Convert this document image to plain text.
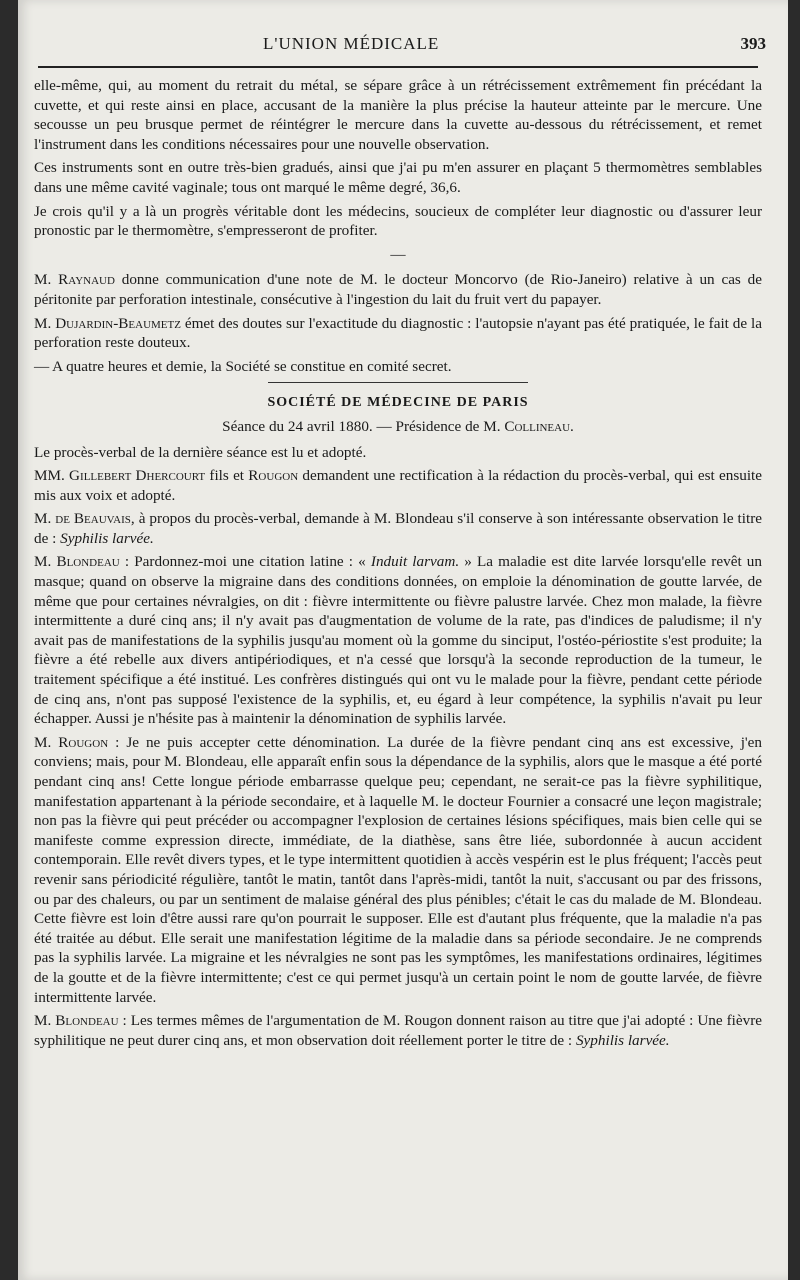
L'UNION MÉDICALE	393

elle-même, qui, au moment du retrait du métal, se sépare grâce à un rétrécissement extrêmement fin précédant la cuvette, et qui reste ainsi en place, accusant de la manière la plus précise la hauteur atteinte par le mercure. Une secousse un peu brusque permet de réintégrer le mercure dans la cuvette au-dessous du rétrécissement, et remet l'instrument dans les conditions nécessaires pour une nouvelle observation.

Ces instruments sont en outre très-bien gradués, ainsi que j'ai pu m'en assurer en plaçant 5 thermomètres semblables dans une même cavité vaginale; tous ont marqué le même degré, 36,6.

Je crois qu'il y a là un progrès véritable dont les médecins, soucieux de compléter leur diagnostic ou d'assurer leur pronostic par le thermomètre, s'empresseront de profiter.

—

M. Raynaud donne communication d'une note de M. le docteur Moncorvo (de Rio-Janeiro) relative à un cas de péritonite par perforation intestinale, consécutive à l'ingestion du lait du fruit vert du papayer.

M. Dujardin-Beaumetz émet des doutes sur l'exactitude du diagnostic : l'autopsie n'ayant pas été pratiquée, le fait de la perforation reste douteux.

— A quatre heures et demie, la Société se constitue en comité secret.

SOCIÉTÉ DE MÉDECINE DE PARIS
Séance du 24 avril 1880. — Présidence de M. Collineau.

Le procès-verbal de la dernière séance est lu et adopté.

MM. Gillebert Dhercourt fils et Rougon demandent une rectification à la rédaction du procès-verbal, qui est ensuite mis aux voix et adopté.

M. de Beauvais, à propos du procès-verbal, demande à M. Blondeau s'il conserve à son intéressante observation le titre de : Syphilis larvée.

M. Blondeau : Pardonnez-moi une citation latine : « Induit larvam. » La maladie est dite larvée lorsqu'elle revêt un masque; quand on observe la migraine dans des conditions données, on emploie la dénomination de goutte larvée, de même que pour certaines névralgies, on dit : fièvre intermittente ou fièvre palustre larvée. Chez mon malade, la fièvre intermittente a duré cinq ans; il n'y avait pas d'augmentation de volume de la rate, pas d'indices de paludisme; il n'y avait pas de manifestations de la syphilis jusqu'au moment où la gomme du sinciput, l'ostéo-périostite s'est produite; la fièvre a été rebelle aux divers antipériodiques, et n'a cessé que lorsqu'à la seconde reproduction de la tumeur, le traitement spécifique a été institué. Les confrères distingués qui ont vu le malade pour la fièvre, pendant cette période de cinq ans, n'ont pas supposé l'existence de la syphilis, et, eu égard à leur compétence, la syphilis n'avait pu leur échapper. Aussi je n'hésite pas à maintenir la dénomination de syphilis larvée.

M. Rougon : Je ne puis accepter cette dénomination. La durée de la fièvre pendant cinq ans est excessive, j'en conviens; mais, pour M. Blondeau, elle apparaît enfin sous la dépendance de la syphilis, alors que le masque a été porté pendant cinq ans! Cette longue période embarrasse quelque peu; cependant, ne serait-ce pas la fièvre syphilitique, manifestation appartenant à la période secondaire, et à laquelle M. le docteur Fournier a consacré une leçon magistrale; non pas la fièvre qui peut précéder ou accompagner l'explosion de certaines lésions spécifiques, mais bien celle qui se manifeste comme expression directe, immédiate, de la diathèse, sans être liée, subordonnée à aucun accident contemporain. Elle revêt divers types, et le type intermittent quotidien à accès vespérin est le plus fréquent; l'accès peut revenir sans périodicité régulière, tantôt le matin, tantôt dans l'après-midi, tantôt la nuit, s'accusant ou par des frissons, ou par des chaleurs, ou par un sentiment de malaise général des plus pénibles; c'était le cas du malade de M. Blondeau. Cette fièvre est loin d'être aussi rare qu'on pourrait le supposer. Elle est d'autant plus fréquente, que la maladie n'a pas été traitée au début. Elle serait une manifestation légitime de la maladie dans sa période secondaire. Je ne comprends pas la syphilis larvée. La migraine et les névralgies ne sont pas les symptômes, les manifestations ordinaires, légitimes de la goutte et de la fièvre intermittente; c'est ce qui permet jusqu'à un certain point le nom de goutte larvée, de fièvre intermittente larvée.

M. Blondeau : Les termes mêmes de l'argumentation de M. Rougon donnent raison au titre que j'ai adopté : Une fièvre syphilitique ne peut durer cinq ans, et mon observation doit réellement porter le titre de : Syphilis larvée.
